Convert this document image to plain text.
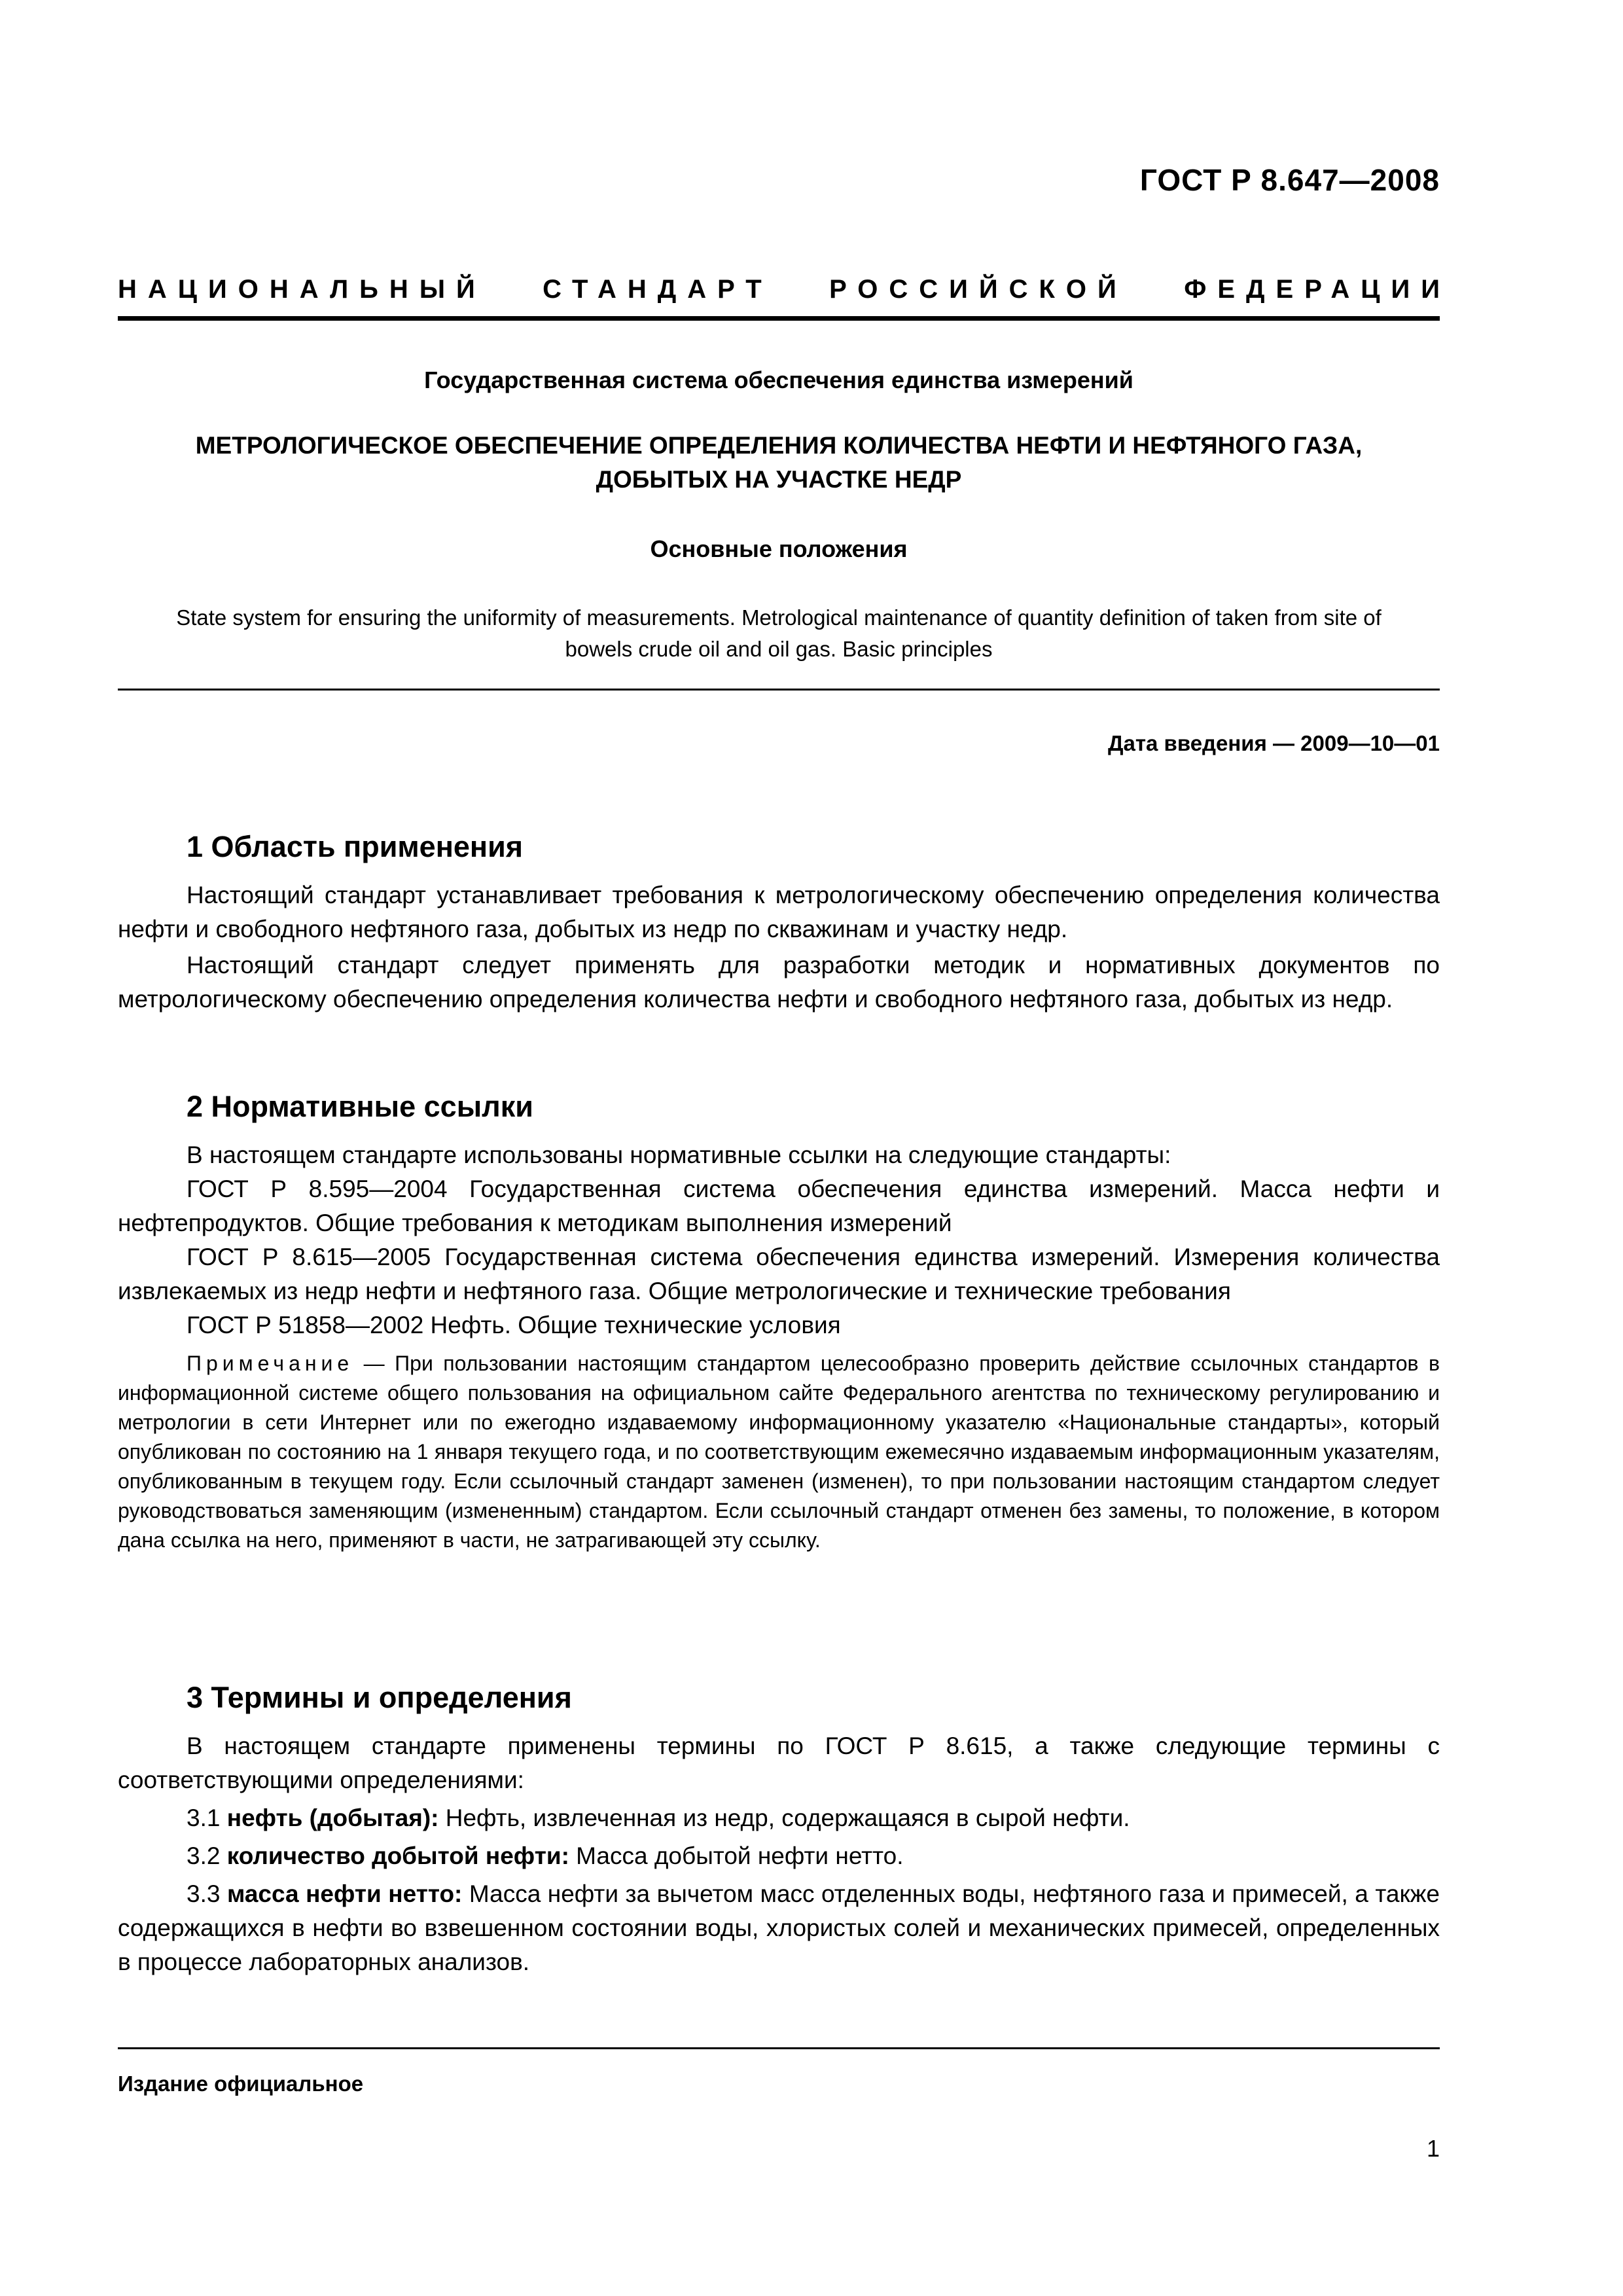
ГОСТ Р 8.647—2008
НАЦИОНАЛЬНЫЙ СТАНДАРТ РОССИЙСКОЙ ФЕДЕРАЦИИ
Государственная система обеспечения единства измерений
МЕТРОЛОГИЧЕСКОЕ ОБЕСПЕЧЕНИЕ ОПРЕДЕЛЕНИЯ КОЛИЧЕСТВА НЕФТИ И НЕФТЯНОГО ГАЗА, ДОБЫТЫХ НА УЧАСТКЕ НЕДР
Основные положения
State system for ensuring the uniformity of measurements. Metrological maintenance of quantity definition of taken from site of bowels crude oil and oil gas. Basic principles
Дата введения — 2009—10—01
1 Область применения

Настоящий стандарт устанавливает требования к метрологическому обеспечению определения количества нефти и свободного нефтяного газа, добытых из недр по скважинам и участку недр.

Настоящий стандарт следует применять для разработки методик и нормативных документов по метрологическому обеспечению определения количества нефти и свободного нефтяного газа, добытых из недр.

2 Нормативные ссылки

В настоящем стандарте использованы нормативные ссылки на следующие стандарты:

ГОСТ Р 8.595—2004 Государственная система обеспечения единства измерений. Масса нефти и нефтепродуктов. Общие требования к методикам выполнения измерений

ГОСТ Р 8.615—2005 Государственная система обеспечения единства измерений. Измерения количества извлекаемых из недр нефти и нефтяного газа. Общие метрологические и технические требования

ГОСТ Р 51858—2002 Нефть. Общие технические условия

Примечание — При пользовании настоящим стандартом целесообразно проверить действие ссылочных стандартов в информационной системе общего пользования на официальном сайте Федерального агентства по техническому регулированию и метрологии в сети Интернет или по ежегодно издаваемому информационному указателю «Национальные стандарты», который опубликован по состоянию на 1 января текущего года, и по соответствующим ежемесячно издаваемым информационным указателям, опубликованным в текущем году. Если ссылочный стандарт заменен (изменен), то при пользовании настоящим стандартом следует руководствоваться заменяющим (измененным) стандартом. Если ссылочный стандарт отменен без замены, то положение, в котором дана ссылка на него, применяют в части, не затрагивающей эту ссылку.

3 Термины и определения

В настоящем стандарте применены термины по ГОСТ Р 8.615, а также следующие термины с соответствующими определениями:

3.1 нефть (добытая): Нефть, извлеченная из недр, содержащаяся в сырой нефти.

3.2 количество добытой нефти: Масса добытой нефти нетто.

3.3 масса нефти нетто: Масса нефти за вычетом масс отделенных воды, нефтяного газа и примесей, а также содержащихся в нефти во взвешенном состоянии воды, хлористых солей и механических примесей, определенных в процессе лабораторных анализов.

Издание официальное
1
